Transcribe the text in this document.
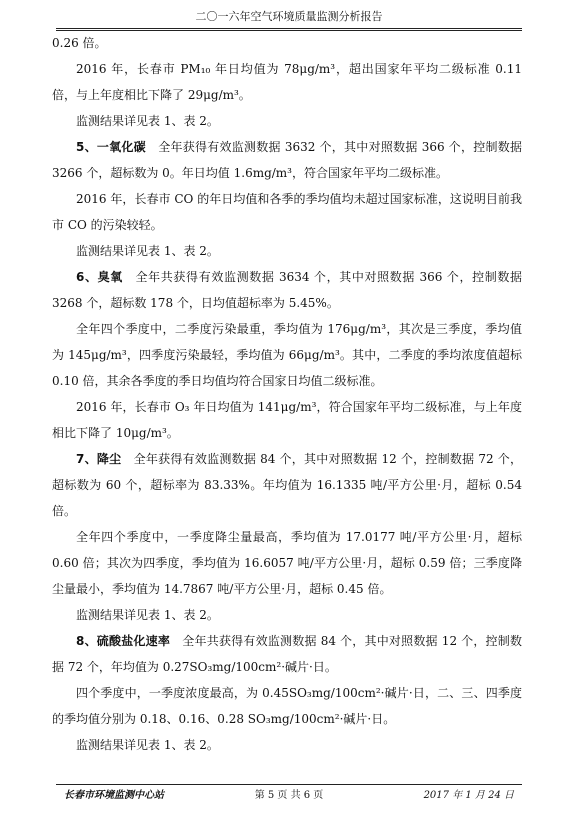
二〇一六年空气环境质量监测分析报告

0.26 倍。

2016 年，长春市 PM₁₀ 年日均值为 78μg/m³，超出国家年平均二级标准 0.11 倍，与上年度相比下降了 29μg/m³。

监测结果详见表 1、表 2。

5、一氧化碳  全年获得有效监测数据 3632 个，其中对照数据 366 个，控制数据 3266 个，超标数为 0。年日均值 1.6mg/m³，符合国家年平均二级标准。

2016 年，长春市 CO 的年日均值和各季的季均值均未超过国家标准，这说明目前我市 CO 的污染较轻。

监测结果详见表 1、表 2。

6、臭氧  全年共获得有效监测数据 3634 个，其中对照数据 366 个，控制数据 3268 个，超标数 178 个，日均值超标率为 5.45%。

全年四个季度中，二季度污染最重，季均值为 176μg/m³，其次是三季度，季均值为 145μg/m³，四季度污染最轻，季均值为 66μg/m³。其中，二季度的季均浓度值超标 0.10 倍，其余各季度的季日均值均符合国家日均值二级标准。

2016 年，长春市 O₃ 年日均值为 141μg/m³，符合国家年平均二级标准，与上年度相比下降了 10μg/m³。

7、降尘  全年获得有效监测数据 84 个，其中对照数据 12 个，控制数据 72 个，超标数为 60 个，超标率为 83.33%。年均值为 16.1335 吨/平方公里·月，超标 0.54 倍。

全年四个季度中，一季度降尘量最高，季均值为 17.0177 吨/平方公里·月，超标 0.60 倍；其次为四季度，季均值为 16.6057 吨/平方公里·月，超标 0.59 倍；三季度降尘量最小，季均值为 14.7867 吨/平方公里·月，超标 0.45 倍。

监测结果详见表 1、表 2。

8、硫酸盐化速率  全年共获得有效监测数据 84 个，其中对照数据 12 个，控制数据 72 个，年均值为 0.27SO₃mg/100cm²·碱片·日。

四个季度中，一季度浓度最高，为 0.45SO₃mg/100cm²·碱片·日，二、三、四季度的季均值分别为 0.18、0.16、0.28 SO₃mg/100cm²·碱片·日。

监测结果详见表 1、表 2。

长春市环境监测中心站	第 5 页 共 6 页	2017 年 1 月 24 日
